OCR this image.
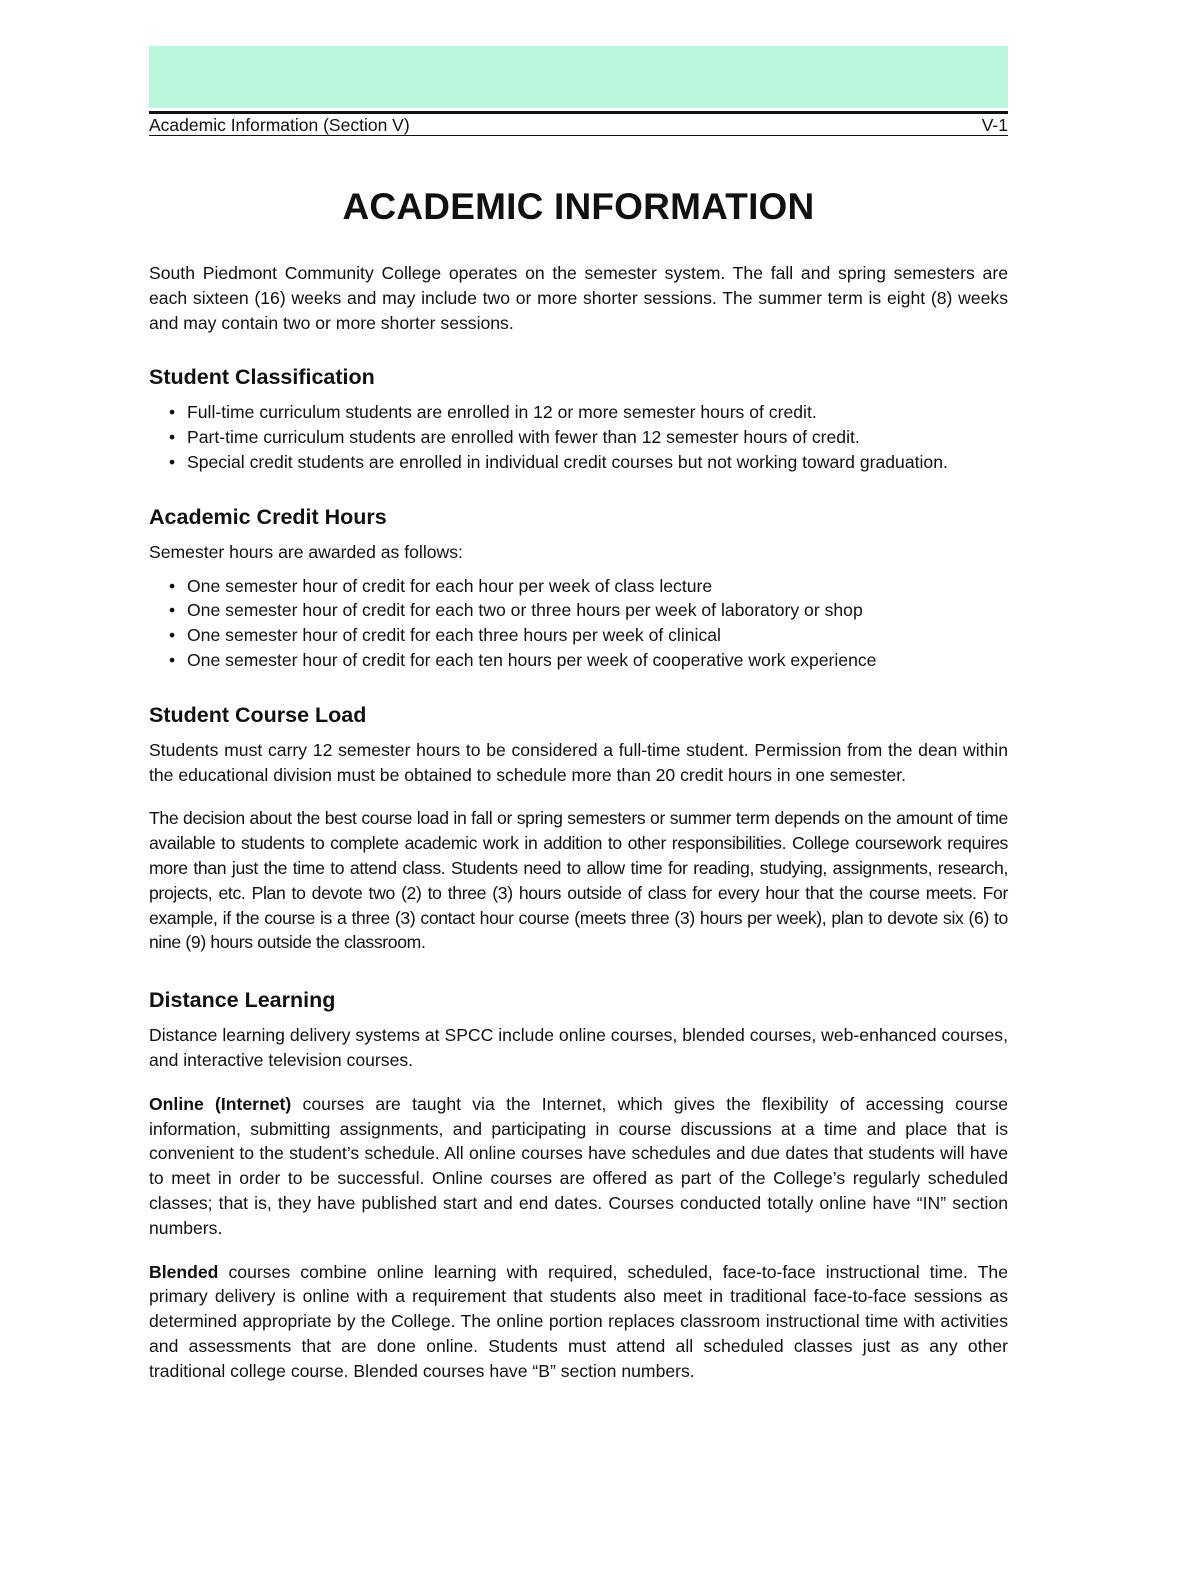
Academic Information (Section V)	V-1
ACADEMIC INFORMATION

South Piedmont Community College operates on the semester system. The fall and spring semesters are each sixteen (16) weeks and may include two or more shorter sessions. The summer term is eight (8) weeks and may contain two or more shorter sessions.

Student Classification
• Full-time curriculum students are enrolled in 12 or more semester hours of credit.
• Part-time curriculum students are enrolled with fewer than 12 semester hours of credit.
• Special credit students are enrolled in individual credit courses but not working toward graduation.
Academic Credit Hours

Semester hours are awarded as follows:

• One semester hour of credit for each hour per week of class lecture
• One semester hour of credit for each two or three hours per week of laboratory or shop
• One semester hour of credit for each three hours per week of clinical
• One semester hour of credit for each ten hours per week of cooperative work experience
Student Course Load

Students must carry 12 semester hours to be considered a full-time student. Permission from the dean within the educational division must be obtained to schedule more than 20 credit hours in one semester.

The decision about the best course load in fall or spring semesters or summer term depends on the amount of time available to students to complete academic work in addition to other responsibilities. College coursework requires more than just the time to attend class. Students need to allow time for reading, studying, assignments, research, projects, etc. Plan to devote two (2) to three (3) hours outside of class for every hour that the course meets. For example, if the course is a three (3) contact hour course (meets three (3) hours per week), plan to devote six (6) to nine (9) hours outside the classroom.

Distance Learning

Distance learning delivery systems at SPCC include online courses, blended courses, web-enhanced courses, and interactive television courses.

Online (Internet) courses are taught via the Internet, which gives the flexibility of accessing course information, submitting assignments, and participating in course discussions at a time and place that is convenient to the student’s schedule. All online courses have schedules and due dates that students will have to meet in order to be successful. Online courses are offered as part of the College’s regularly scheduled classes; that is, they have published start and end dates. Courses conducted totally online have “IN” section numbers.

Blended courses combine online learning with required, scheduled, face-to-face instructional time. The primary delivery is online with a requirement that students also meet in traditional face-to-face sessions as determined appropriate by the College. The online portion replaces classroom instructional time with activities and assessments that are done online. Students must attend all scheduled classes just as any other traditional college course. Blended courses have “B” section numbers.
